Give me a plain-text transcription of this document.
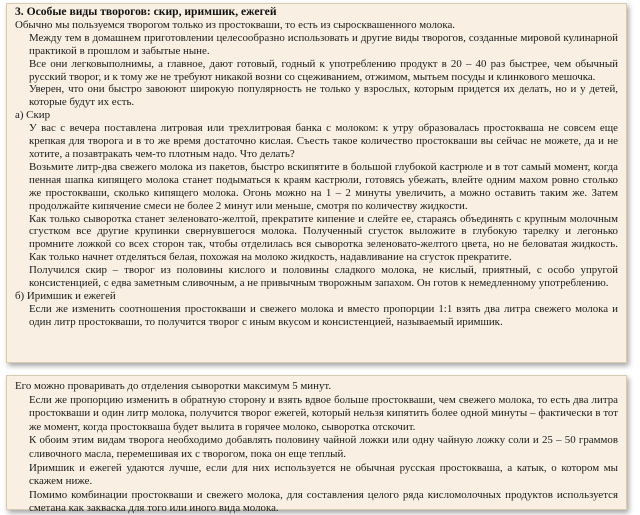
3. Особые виды творогов: скир, иримшик, ежегей

Обычно мы пользуемся творогом только из простокваши, то есть из сыросквашенного молока.

Между тем в домашнем приготовлении целесообразно использовать и другие виды творогов, созданные мировой кулинарной практикой в прошлом и забытые ныне.

Все они легковыполнимы, а главное, дают готовый, годный к употреблению продукт в 20 – 40 раз быстрее, чем обычный русский творог, и к тому же не требуют никакой возни со сцеживанием, отжимом, мытьем посуды и клинкового мешочка.

Уверен, что они быстро завоюют широкую популярность не только у взрослых, которым придется их делать, но и у детей, которые будут их есть.

а) Скир

У вас с вечера поставлена литровая или трехлитровая банка с молоком: к утру образовалась простокваша не совсем еще крепкая для творога и в то же время достаточно кислая. Съесть такое количество простокваши вы сейчас не можете, да и не хотите, а позавтракать чем-то плотным надо. Что делать?

Возьмите литр-два свежего молока из пакетов, быстро вскипятите в большой глубокой кастрюле и в тот самый момент, когда пенная шапка кипящего молока станет подыматься к краям кастрюли, готовясь убежать, влейте одним махом ровно столько же простокваши, сколько кипящего молока. Огонь можно на 1 – 2 минуты увеличить, а можно оставить таким же. Затем продолжайте кипячение смеси не более 2 минут или меньше, смотря по количеству жидкости.

Как только сыворотка станет зеленовато-желтой, прекратите кипение и слейте ее, стараясь объединять с крупным молочным сгустком все другие крупинки свернувшегося молока. Полученный сгусток выложите в глубокую тарелку и легонько промните ложкой со всех сторон так, чтобы отделилась вся сыворотка зеленовато-желтого цвета, но не беловатая жидкость. Как только начнет отделяться белая, похожая на молоко жидкость, надавливание на сгусток прекратите.

Получился скир – творог из половины кислого и половины сладкого молока, не кислый, приятный, с особо упругой консистенцией, с едва заметным сливочным, а не привычным творожным запахом. Он готов к немедленному употреблению.

б) Иримшик и ежегей

Если же изменить соотношения простокваши и свежего молока и вместо пропорции 1:1 взять два литра свежего молока и один литр простокваши, то получится творог с иным вкусом и консистенцией, называемый иримшик.

Его можно проваривать до отделения сыворотки максимум 5 минут.

Если же пропорцию изменить в обратную сторону и взять вдвое больше простокваши, чем свежего молока, то есть два литра простокваши и один литр молока, получится творог ежегей, который нельзя кипятить более одной минуты – фактически в тот же момент, когда простокваша будет вылита в горячее молоко, сыворотка отскочит.

К обоим этим видам творога необходимо добавлять половину чайной ложки или одну чайную ложку соли и 25 – 50 граммов сливочного масла, перемешивая их с творогом, пока он еще теплый.

Иримшик и ежегей удаются лучше, если для них используется не обычная русская простокваша, а катык, о котором мы скажем ниже.

Помимо комбинации простокваши и свежего молока, для составления целого ряда кисломолочных продуктов используется сметана как закваска для того или иного вида молока.
